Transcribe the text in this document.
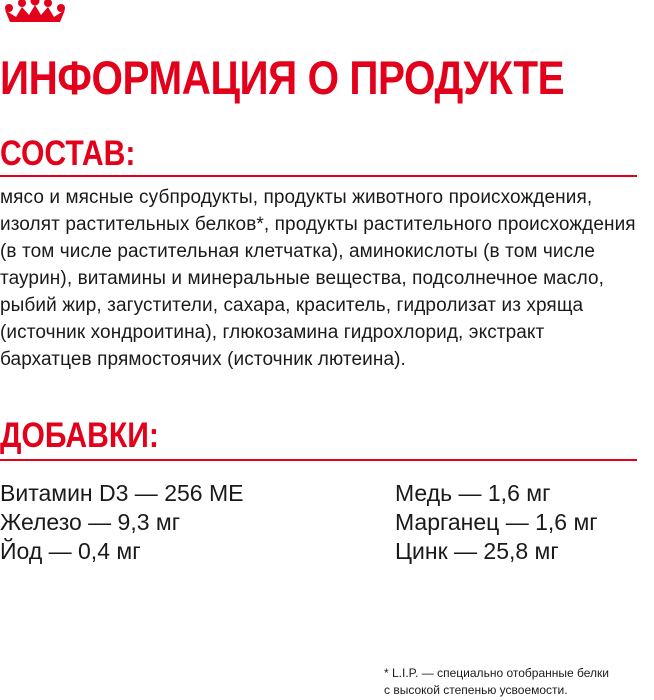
ИНФОРМАЦИЯ О ПРОДУКТЕ
СОСТАВ:

мясо и мясные субпродукты, продукты животного происхождения, изолят растительных белков*, продукты растительного происхождения (в том числе растительная клетчатка), аминокислоты (в том числе таурин), витамины и минеральные вещества, подсолнечное масло, рыбий жир, загустители, сахара, краситель, гидролизат из хряща (источник хондроитина), глюкозамина гидрохлорид, экстракт бархатцев прямостоячих (источник лютеина).

ДОБАВКИ:
Витамин D3 — 256 МЕ
Железо — 9,3 мг
Йод — 0,4 мг
Медь — 1,6 мг
Марганец — 1,6 мг
Цинк — 25,8 мг
* L.I.P. — специально отобранные белки
с высокой степенью усвоемости.
